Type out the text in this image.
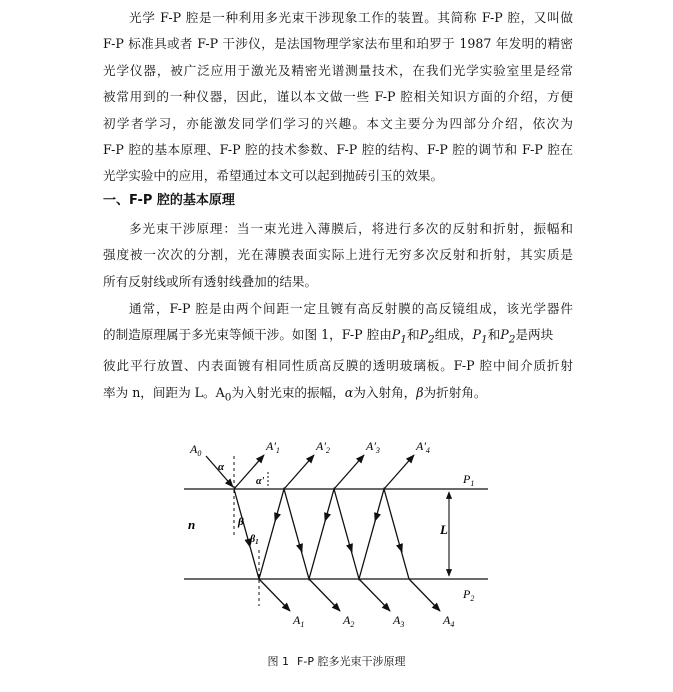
光学 F-P 腔是一种利用多光束干涉现象工作的装置。其简称 F-P 腔，又叫做
F-P 标准具或者 F-P 干涉仪，是法国物理学家法布里和珀罗于 1987 年发明的精密
光学仪器，被广泛应用于激光及精密光谱测量技术，在我们光学实验室里是经常
被常用到的一种仪器，因此，谨以本文做一些 F-P 腔相关知识方面的介绍，方便
初学者学习，亦能激发同学们学习的兴趣。本文主要分为四部分介绍，依次为
F-P 腔的基本原理、F-P 腔的技术参数、F-P 腔的结构、F-P 腔的调节和 F-P 腔在
光学实验中的应用，希望通过本文可以起到抛砖引玉的效果。

一、F-P 腔的基本原理

多光束干涉原理：当一束光进入薄膜后，将进行多次的反射和折射，振幅和
强度被一次次的分割，光在薄膜表面实际上进行无穷多次反射和折射，其实质是
所有反射线或所有透射线叠加的结果。

通常，F-P 腔是由两个间距一定且镀有高反射膜的高反镜组成，该光学器件
的制造原理属于多光束等倾干涉。如图 1，F-P 腔由$P_1$和$P_2$组成，$P_1$和$P_2$是两块
彼此平行放置、内表面镀有相同性质高反膜的透明玻璃板。F-P 腔中间介质折射
率为 n，间距为 L。$A_0$为入射光束的振幅，α为入射角，β为折射角。

$A_0$
$A'_1$	$A'_2$	$A'_3$	$A'_4$
$A_1$	$A_2$	$A_3$	$A_4$
$P_1$
$P_2$
n	L
α
β
α'
$\beta_1$
图 1 F-P 腔多光束干涉原理
